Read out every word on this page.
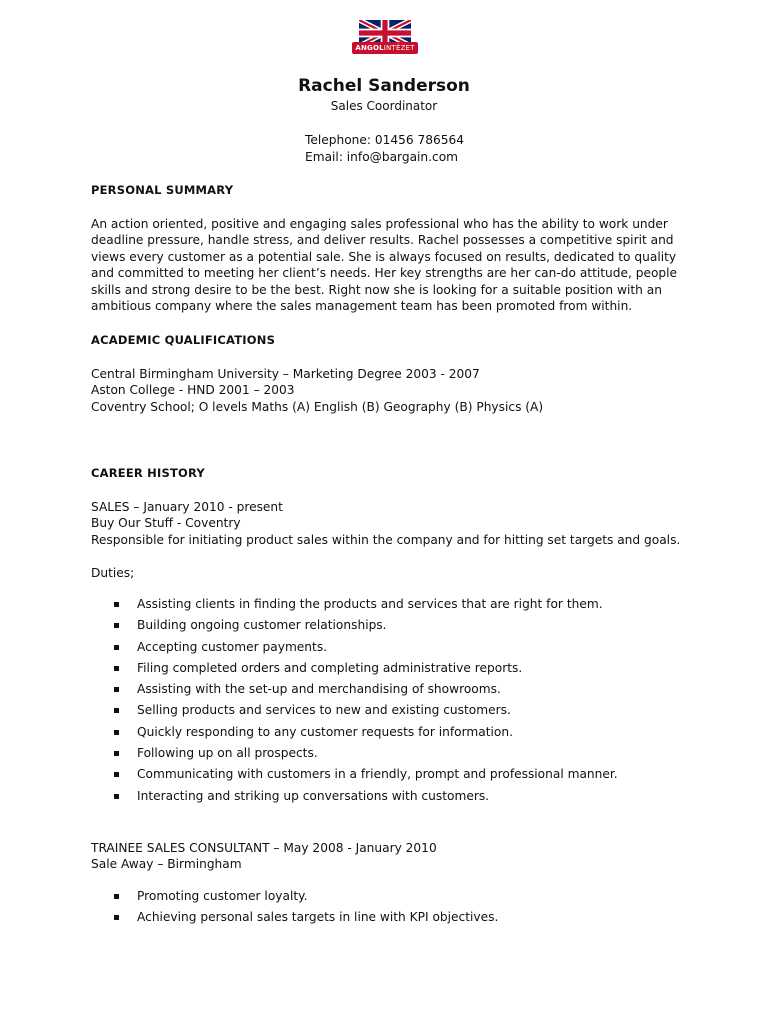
ANGOLINTÉZET
Rachel Sanderson
Sales Coordinator
Telephone: 01456 786564
Email: info@bargain.com
PERSONAL SUMMARY
An action oriented, positive and engaging sales professional who has the ability to work under
deadline pressure, handle stress, and deliver results. Rachel possesses a competitive spirit and
views every customer as a potential sale. She is always focused on results, dedicated to quality
and committed to meeting her client’s needs. Her key strengths are her can-do attitude, people
skills and strong desire to be the best. Right now she is looking for a suitable position with an
ambitious company where the sales management team has been promoted from within.
ACADEMIC QUALIFICATIONS
Central Birmingham University – Marketing Degree 2003 - 2007
Aston College - HND 2001 – 2003
Coventry School; O levels Maths (A) English (B) Geography (B) Physics (A)
CAREER HISTORY
SALES – January 2010 - present
Buy Our Stuff - Coventry
Responsible for initiating product sales within the company and for hitting set targets and goals.
Duties;
Assisting clients in finding the products and services that are right for them.
Building ongoing customer relationships.
Accepting customer payments.
Filing completed orders and completing administrative reports.
Assisting with the set-up and merchandising of showrooms.
Selling products and services to new and existing customers.
Quickly responding to any customer requests for information.
Following up on all prospects.
Communicating with customers in a friendly, prompt and professional manner.
Interacting and striking up conversations with customers.
TRAINEE SALES CONSULTANT – May 2008 - January 2010
Sale Away – Birmingham
Promoting customer loyalty.
Achieving personal sales targets in line with KPI objectives.
